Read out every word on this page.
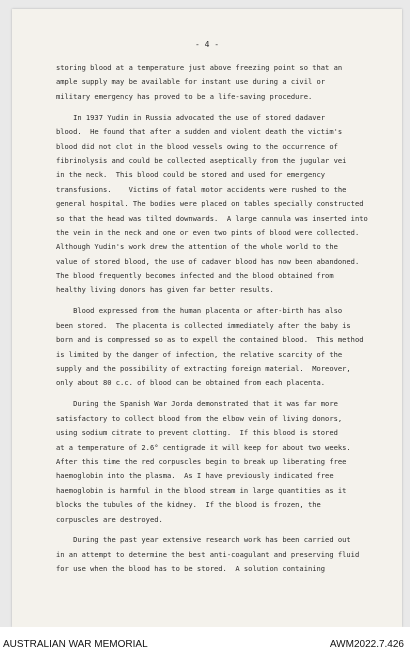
- 4 -
storing blood at a temperature just above freezing point so that an
ample supply may be available for instant use during a civil or
military emergency has proved to be a life-saving procedure.
In 1937 Yudin in Russia advocated the use of stored dadaver
blood.  He found that after a sudden and violent death the victim's
blood did not clot in the blood vessels owing to the occurrence of
fibrinolysis and could be collected aseptically from the jugular vei
in the neck.  This blood could be stored and used for emergency
transfusions.    Victims of fatal motor accidents were rushed to the
general hospital. The bodies were placed on tables specially constructed
so that the head was tilted downwards.  A large cannula was inserted into
the vein in the neck and one or even two pints of blood were collected.
Although Yudin's work drew the attention of the whole world to the
value of stored blood, the use of cadaver blood has now been abandoned.
The blood frequently becomes infected and the blood obtained from
healthy living donors has given far better results.
Blood expressed from the human placenta or after-birth has also
been stored.  The placenta is collected immediately after the baby is
born and is compressed so as to expell the contained blood.  This method
is limited by the danger of infection, the relative scarcity of the
supply and the possibility of extracting foreign material.  Moreover,
only about 80 c.c. of blood can be obtained from each placenta.
During the Spanish War Jorda demonstrated that it was far more
satisfactory to collect blood from the elbow vein of living donors,
using sodium citrate to prevent clotting.  If this blood is stored
at a temperature of 2.6° centigrade it will keep for about two weeks.
After this time the red corpuscles begin to break up liberating free
haemoglobin into the plasma.  As I have previously indicated free
haemoglobin is harmful in the blood stream in large quantities as it
blocks the tubules of the kidney.  If the blood is frozen, the
corpuscles are destroyed.
During the past year extensive research work has been carried out
in an attempt to determine the best anti-coagulant and preserving fluid
for use when the blood has to be stored.  A solution containing
AUSTRALIAN WAR MEMORIAL	AWM2022.7.426
